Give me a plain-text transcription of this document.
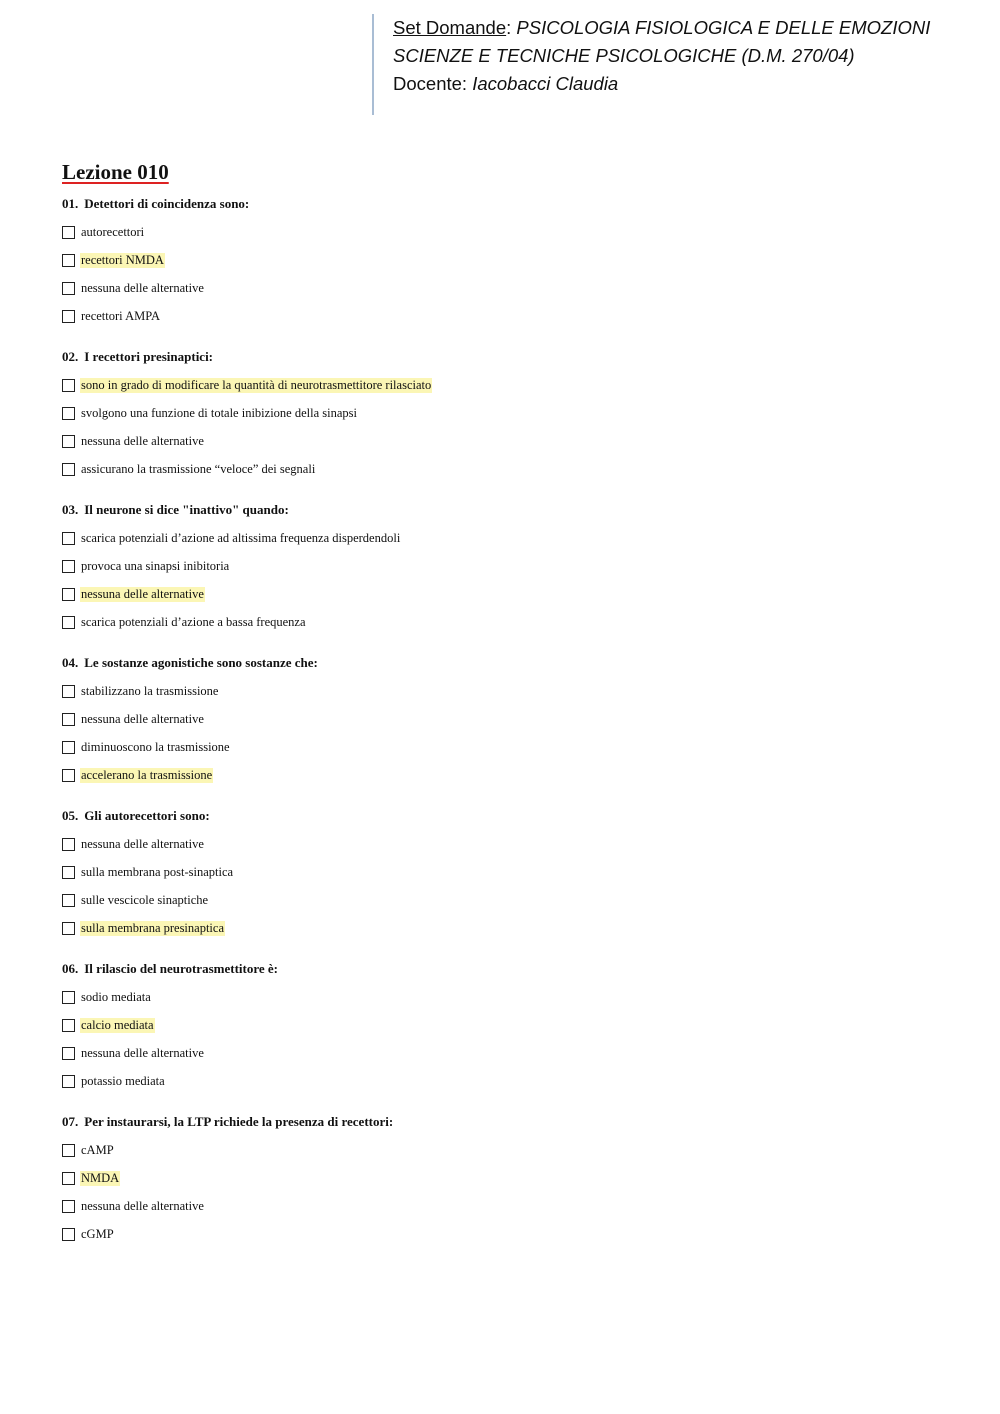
Set Domande: PSICOLOGIA FISIOLOGICA E DELLE EMOZIONI
SCIENZE E TECNICHE PSICOLOGICHE (D.M. 270/04)
Docente: Iacobacci Claudia
Lezione 010
01. Detettori di coincidenza sono:
autorecettori
recettori NMDA
nessuna delle alternative
recettori AMPA
02. I recettori presinaptici:
sono in grado di modificare la quantità di neurotrasmettitore rilasciato
svolgono una funzione di totale inibizione della sinapsi
nessuna delle alternative
assicurano la trasmissione “veloce” dei segnali
03. Il neurone si dice "inattivo" quando:
scarica potenziali d’azione ad altissima frequenza disperdendoli
provoca una sinapsi inibitoria
nessuna delle alternative
scarica potenziali d’azione a bassa frequenza
04. Le sostanze agonistiche sono sostanze che:
stabilizzano la trasmissione
nessuna delle alternative
diminuoscono la trasmissione
accelerano la trasmissione
05. Gli autorecettori sono:
nessuna delle alternative
sulla membrana post-sinaptica
sulle vescicole sinaptiche
sulla membrana presinaptica
06. Il rilascio del neurotrasmettitore è:
sodio mediata
calcio mediata
nessuna delle alternative
potassio mediata
07. Per instaurarsi, la LTP richiede la presenza di recettori:
cAMP
NMDA
nessuna delle alternative
cGMP
